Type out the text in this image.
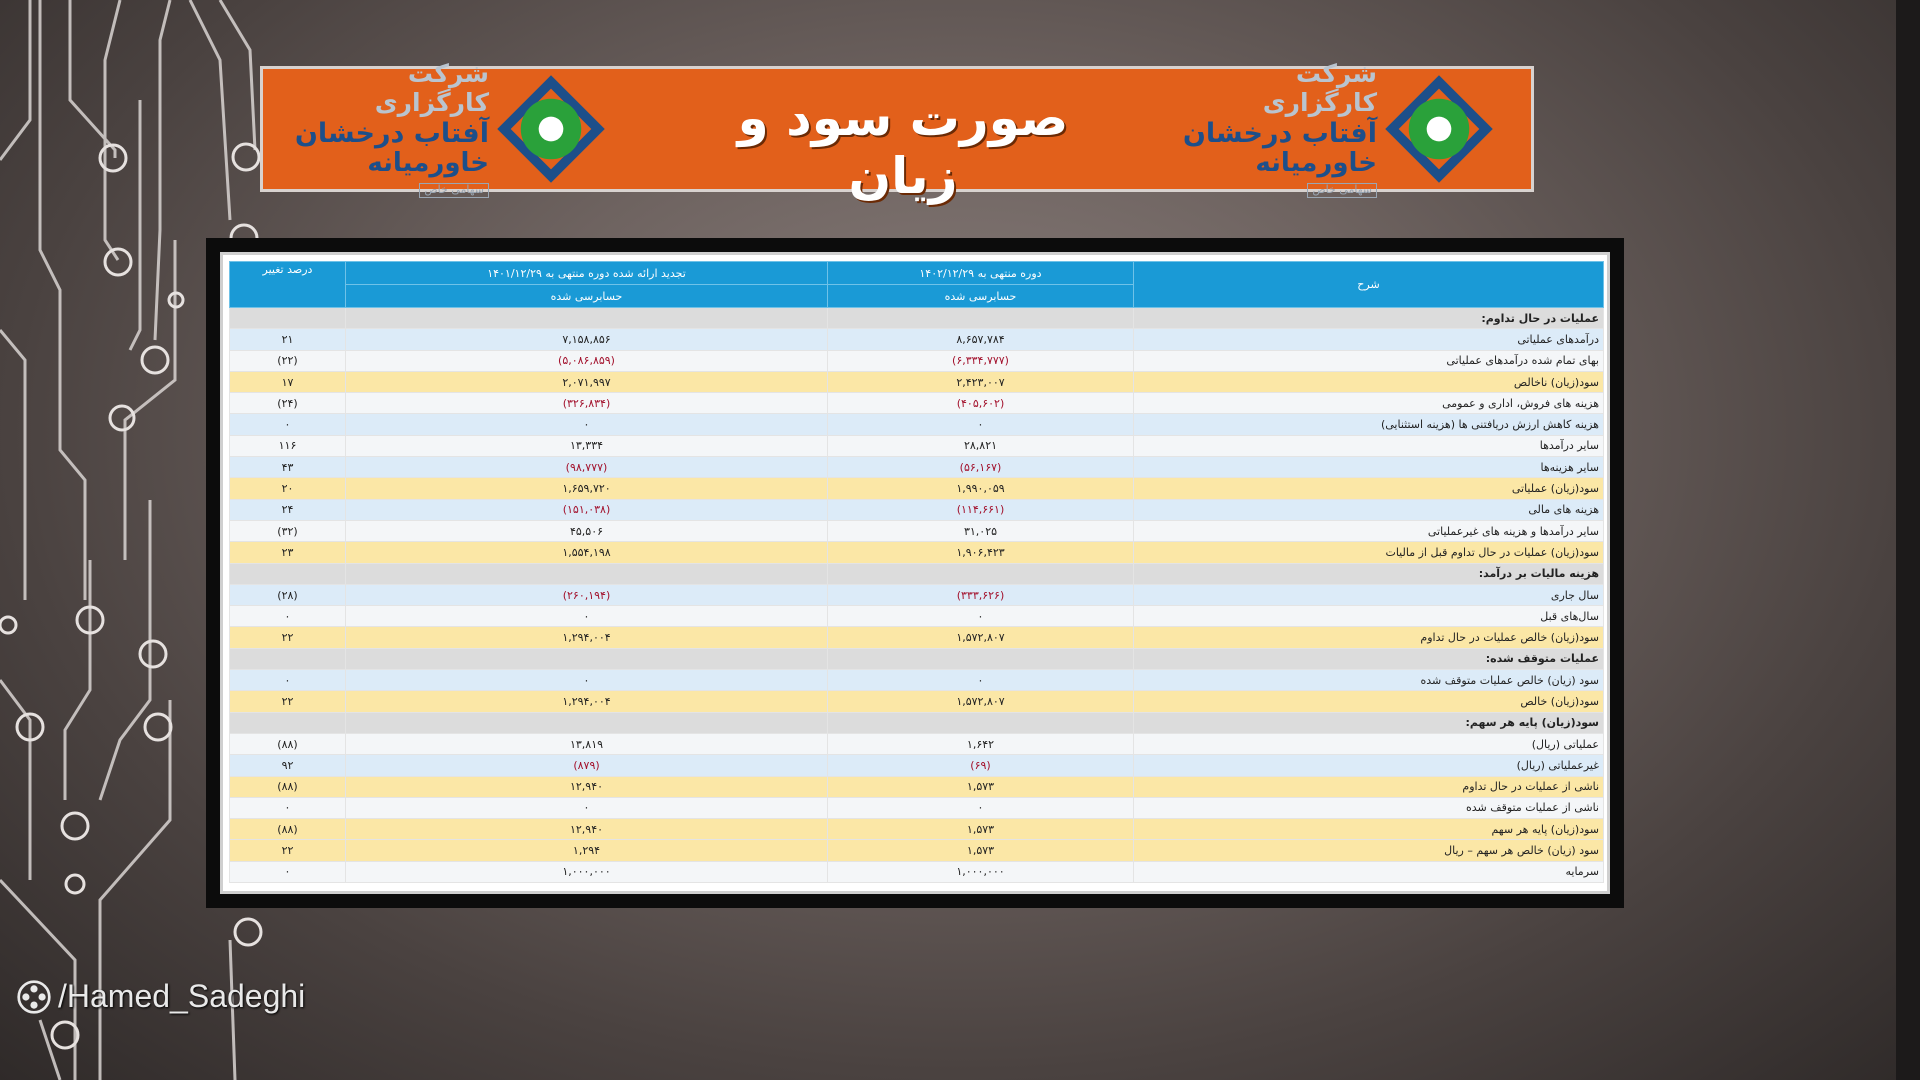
شرکت کارگزاری
آفتاب درخشان
خاورمیانه
سهامی خاص
صورت سود و زیان
شرکت کارگزاری
آفتاب درخشان
خاورمیانه
سهامی خاص
شرح	دوره منتهی به ۱۴۰۲/۱۲/۲۹	تجدید ارائه شده دوره منتهی به ۱۴۰۱/۱۲/۲۹	درصد تغییر
	حسابرسی شده	حسابرسی شده	
عملیات در حال تداوم:			
درآمدهای عملیاتی	۸,۶۵۷,۷۸۴	۷,۱۵۸,۸۵۶	۲۱
بهای تمام شده درآمدهای عملیاتی	(۶,۳۳۴,۷۷۷)	(۵,۰۸۶,۸۵۹)	(۲۲)
سود(زیان) ناخالص	۲,۴۲۳,۰۰۷	۲,۰۷۱,۹۹۷	۱۷
هزینه های فروش، اداری و عمومی	(۴۰۵,۶۰۲)	(۳۲۶,۸۳۴)	(۲۴)
هزینه کاهش ارزش دریافتنی ها (هزینه استثنایی)	۰	۰	۰
سایر درآمدها	۲۸,۸۲۱	۱۳,۳۳۴	۱۱۶
سایر هزینه‌ها	(۵۶,۱۶۷)	(۹۸,۷۷۷)	۴۳
سود(زیان) عملیاتی	۱,۹۹۰,۰۵۹	۱,۶۵۹,۷۲۰	۲۰
هزینه های مالی	(۱۱۴,۶۶۱)	(۱۵۱,۰۳۸)	۲۴
سایر درآمدها و هزینه های غیرعملیاتی	۳۱,۰۲۵	۴۵,۵۰۶	(۳۲)
سود(زیان) عملیات در حال تداوم قبل از مالیات	۱,۹۰۶,۴۲۳	۱,۵۵۴,۱۹۸	۲۳
هزینه مالیات بر درآمد:			
سال جاری	(۳۳۳,۶۲۶)	(۲۶۰,۱۹۴)	(۲۸)
سال‌های قبل	۰	۰	۰
سود(زیان) خالص عملیات در حال تداوم	۱,۵۷۲,۸۰۷	۱,۲۹۴,۰۰۴	۲۲
عملیات متوقف شده:			
سود (زیان) خالص عملیات متوقف شده	۰	۰	۰
سود(زیان) خالص	۱,۵۷۲,۸۰۷	۱,۲۹۴,۰۰۴	۲۲
سود(زیان) پایه هر سهم:			
عملیاتی (ریال)	۱,۶۴۲	۱۳,۸۱۹	(۸۸)
غیرعملیاتی (ریال)	(۶۹)	(۸۷۹)	۹۲
ناشی از عملیات در حال تداوم	۱,۵۷۳	۱۲,۹۴۰	(۸۸)
ناشی از عملیات متوقف شده	۰	۰	۰
سود(زیان) پایه هر سهم	۱,۵۷۳	۱۲,۹۴۰	(۸۸)
سود (زیان) خالص هر سهم – ریال	۱,۵۷۳	۱,۲۹۴	۲۲
سرمایه	۱,۰۰۰,۰۰۰	۱,۰۰۰,۰۰۰	۰
/Hamed_Sadeghi
